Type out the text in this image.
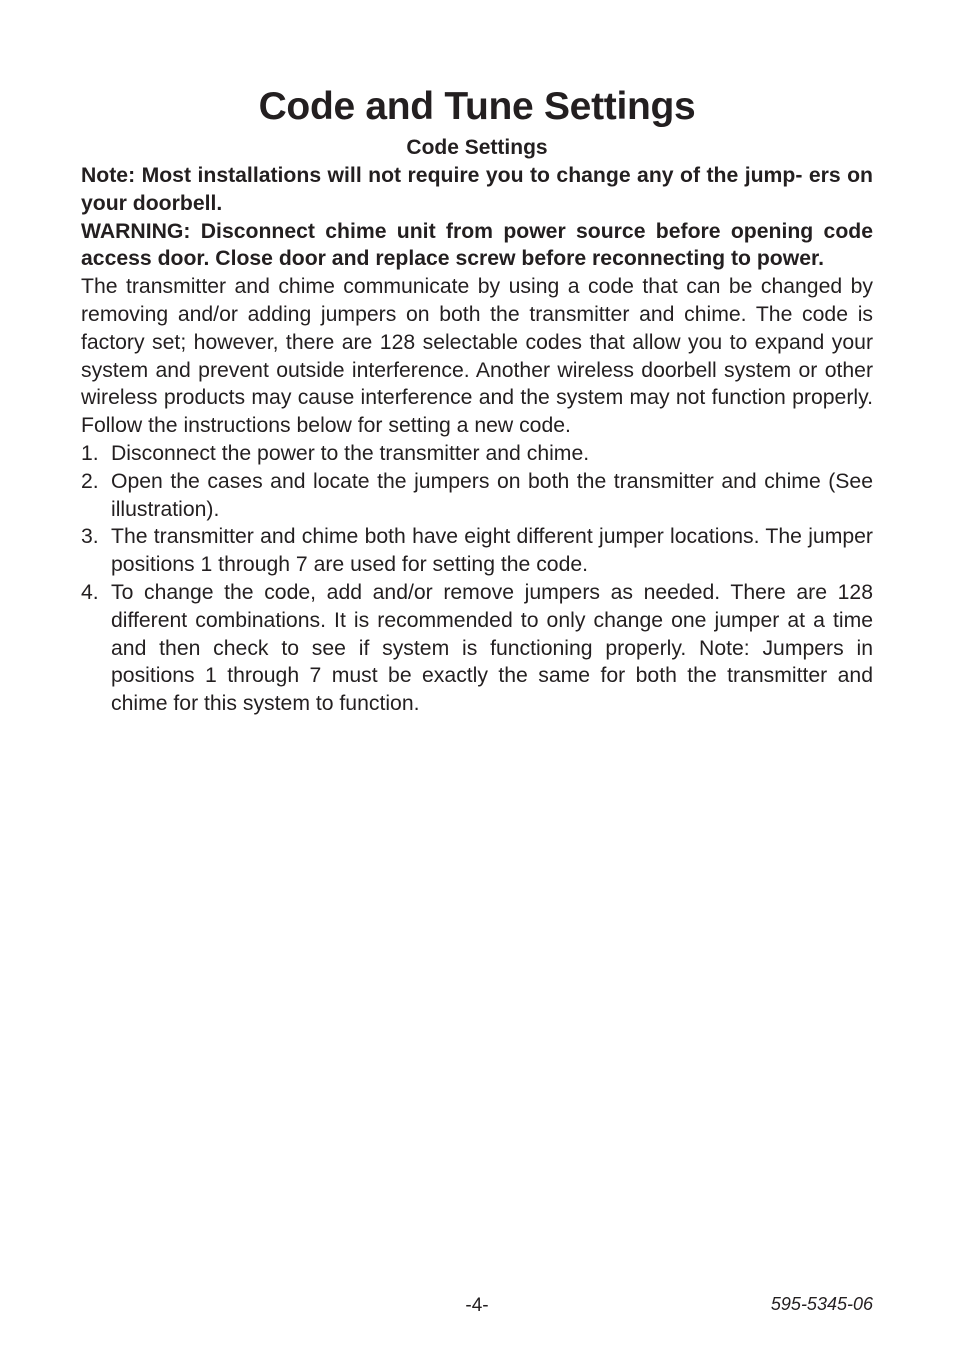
Code and Tune Settings
Code Settings

Note: Most installations will not require you to change any of the jump- ers on your doorbell.

WARNING: Disconnect chime unit from power source before opening code access door. Close door and replace screw before reconnecting to power.

The transmitter and chime communicate by using a code that can be changed by removing and/or adding jumpers on both the transmitter and chime. The code is factory set; however, there are 128 selectable codes that allow you to expand your system and prevent outside interference. Another wireless doorbell system or other wireless products may cause interference and the system may not function properly. Follow the instructions below for setting a new code.

1. Disconnect the power to the transmitter and chime.
2. Open the cases and locate the jumpers on both the transmitter and chime (See illustration).
3. The transmitter and chime both have eight different jumper locations. The jumper positions 1 through 7 are used for setting the code.
4. To change the code, add and/or remove jumpers as needed. There are 128 different combinations. It is recommended to only change one jumper at a time and then check to see if system is functioning properly. Note: Jumpers in positions 1 through 7 must be exactly the same for both the transmitter and chime for this system to function.
-4-	595-5345-06
